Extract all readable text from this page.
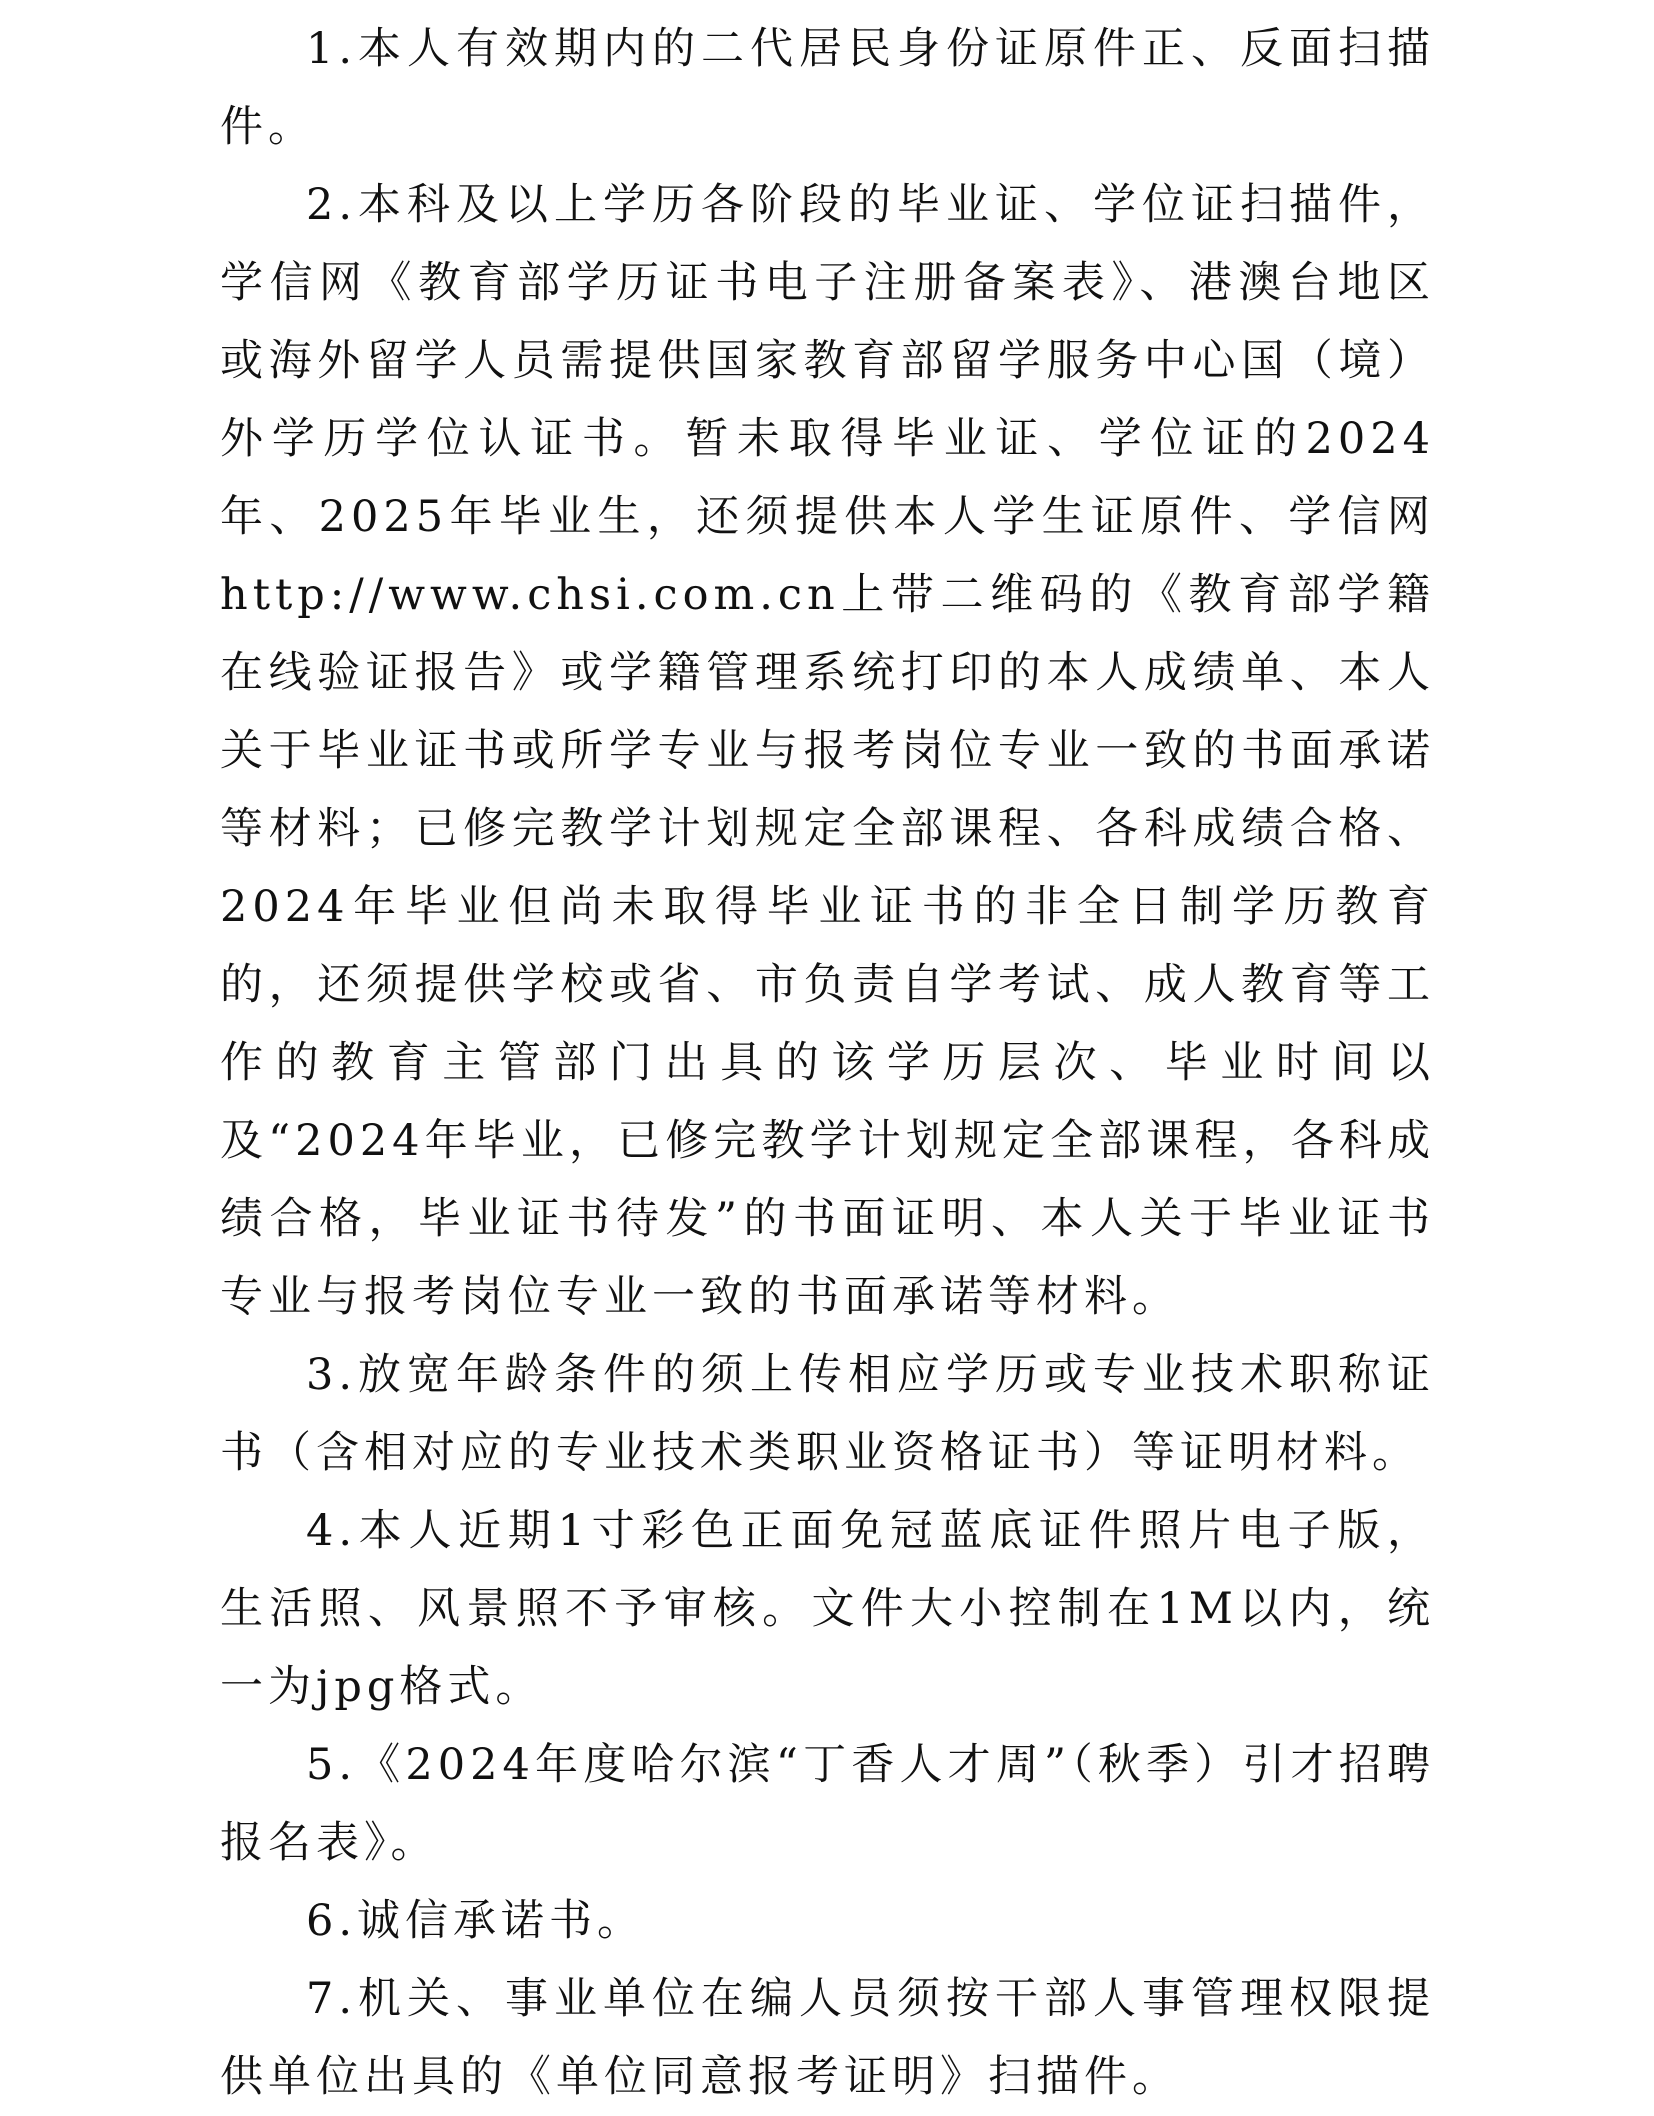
1.本人有效期内的二代居民身份证原件正、反面扫描件。

2.本科及以上学历各阶段的毕业证、学位证扫描件，学信网《教育部学历证书电子注册备案表》、港澳台地区或海外留学人员需提供国家教育部留学服务中心国（境）外学历学位认证书。暂未取得毕业证、学位证的2024年、2025年毕业生，还须提供本人学生证原件、学信网http://www.chsi.com.cn上带二维码的《教育部学籍在线验证报告》或学籍管理系统打印的本人成绩单、本人关于毕业证书或所学专业与报考岗位专业一致的书面承诺等材料；已修完教学计划规定全部课程、各科成绩合格、2024年毕业但尚未取得毕业证书的非全日制学历教育的，还须提供学校或省、市负责自学考试、成人教育等工作的教育主管部门出具的该学历层次、毕业时间以及“2024年毕业，已修完教学计划规定全部课程，各科成绩合格，毕业证书待发”的书面证明、本人关于毕业证书专业与报考岗位专业一致的书面承诺等材料。

3.放宽年龄条件的须上传相应学历或专业技术职称证书（含相对应的专业技术类职业资格证书）等证明材料。

4.本人近期1寸彩色正面免冠蓝底证件照片电子版，生活照、风景照不予审核。文件大小控制在1M以内，统一为jpg格式。

5.《2024年度哈尔滨“丁香人才周”（秋季）引才招聘报名表》。

6.诚信承诺书。

7.机关、事业单位在编人员须按干部人事管理权限提供单位出具的《单位同意报考证明》扫描件。
